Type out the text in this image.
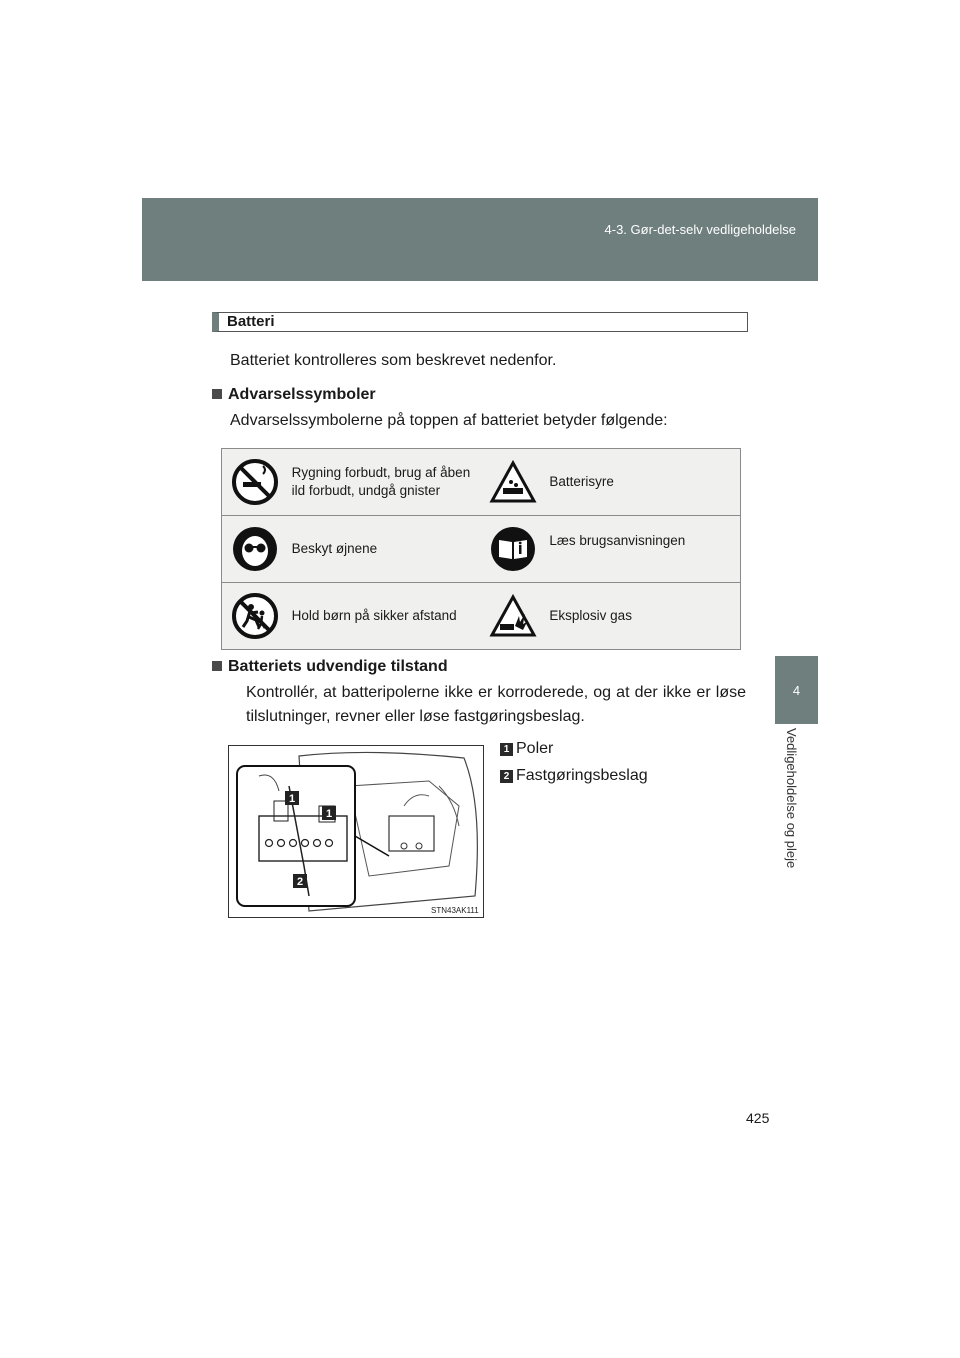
4-3. Gør-det-selv vedligeholdelse
4
Vedligeholdelse og pleje
Batteri
Batteriet kontrolleres som beskrevet nedenfor.
Advarselssymboler
Advarselssymbolerne på toppen af batteriet betyder følgende:
	Rygning forbudt, brug af åben ild forbudt, undgå gnister		Batterisyre

	Beskyt øjnene		Læs brugsanvisningen

	Hold børn på sikker afstand		Eksplosiv gas
Batteriets udvendige tilstand
Kontrollér, at batteripolerne ikke er korroderede, og at der ikke er løse tilslutninger, revner eller løse fastgøringsbeslag.
1
1
2
STN43AK111
1 Poler
2 Fastgøringsbeslag
425
